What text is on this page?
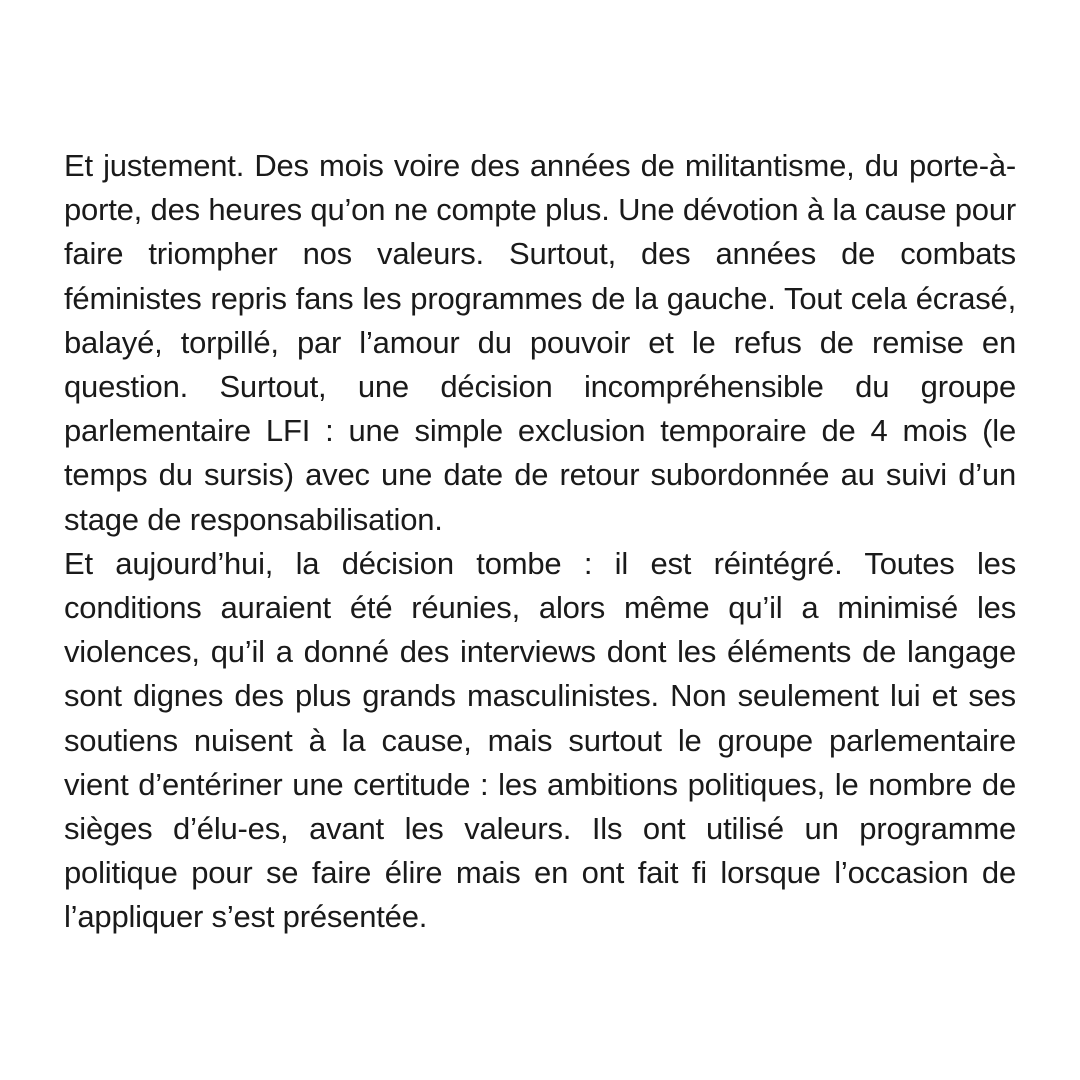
Et justement. Des mois voire des années de militantisme, du porte-à-porte, des heures qu’on ne compte plus. Une dévotion à la cause pour faire triompher nos valeurs. Surtout, des années de combats féministes repris fans les programmes de la gauche. Tout cela écrasé, balayé, torpillé, par l’amour du pouvoir et le refus de remise en question. Surtout, une décision incompréhensible du groupe parlementaire LFI : une simple exclusion temporaire de 4 mois (le temps du sursis) avec une date de retour subordonnée au suivi d’un stage de responsabilisation.

Et aujourd’hui, la décision tombe : il est réintégré. Toutes les conditions auraient été réunies, alors même qu’il a minimisé les violences, qu’il a donné des interviews dont les éléments de langage sont dignes des plus grands masculinistes. Non seulement lui et ses soutiens nuisent à la cause, mais surtout le groupe parlementaire vient d’entériner une certitude : les ambitions politiques, le nombre de sièges d’élu-es, avant les valeurs. Ils ont utilisé un programme politique pour se faire élire mais en ont fait fi lorsque l’occasion de l’appliquer s’est présentée.
